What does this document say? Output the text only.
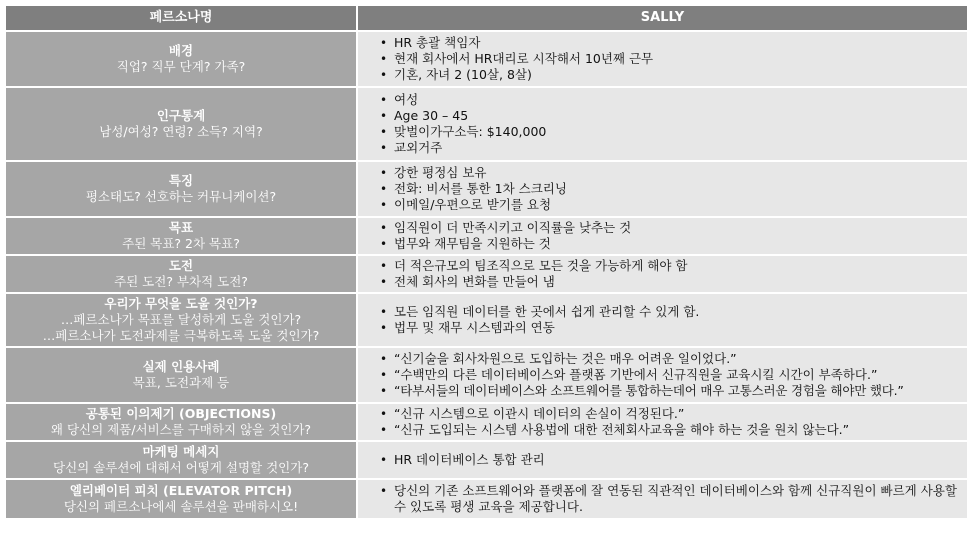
페르소나명	SALLY
배경
직업? 직무 단계? 가족?
• HR 총괄 책임자
• 현재 회사에서 HR대리로 시작해서 10년째 근무
• 기혼, 자녀 2 (10살, 8살)
인구통계
남성/여성? 연령? 소득? 지역?
• 여성
• Age 30 – 45
• 맞벌이가구소득: $140,000
• 교외거주
특징
평소태도? 선호하는 커뮤니케이션?
• 강한 평정심 보유
• 전화: 비서를 통한 1차 스크리닝
• 이메일/우편으로 받기를 요청
목표
주된 목표? 2차 목표?
• 임직원이 더 만족시키고 이직률을 낮추는 것
• 법무와 재무팀을 지원하는 것
도전
주된 도전? 부차적 도전?
• 더 적은규모의 팀조직으로 모든 것을 가능하게 해야 함
• 전체 회사의 변화를 만들어 냄
우리가 무엇을 도울 것인가?
…페르소나가 목표를 달성하게 도울 것인가?
…페르소나가 도전과제를 극복하도록 도울 것인가?
• 모든 임직원 데이터를 한 곳에서 쉽게 관리할 수 있게 함.
• 법무 및 재무 시스템과의 연동
실제 인용사례
목표, 도전과제 등
• “신기술을 회사차원으로 도입하는 것은 매우 어려운 일이었다.”
• “수백만의 다른 데이터베이스와 플랫폼 기반에서 신규직원을 교육시킬 시간이 부족하다.”
• “타부서들의 데이터베이스와 소프트웨어를 통합하는데어 매우 고통스러운 경험을 해야만 했다.”
공통된 이의제기 (OBJECTIONS)
왜 당신의 제품/서비스를 구매하지 않을 것인가?
• “신규 시스템으로 이관시 데이터의 손실이 걱정된다.”
• “신규 도입되는 시스템 사용법에 대한 전체회사교육을 해야 하는 것을 원치 않는다.”
마케팅 메세지
당신의 솔루션에 대해서 어떻게 설명할 것인가?
• HR 데이터베이스 통합 관리
엘리베이터 피치 (ELEVATOR PITCH)
당신의 페르소나에세 솔루션을 판매하시오!
• 당신의 기존 소프트웨어와 플랫폼에 잘 연동된 직관적인 데이터베이스와 함께 신규직원이 빠르게 사용할 수 있도록 평생 교육을 제공합니다.
